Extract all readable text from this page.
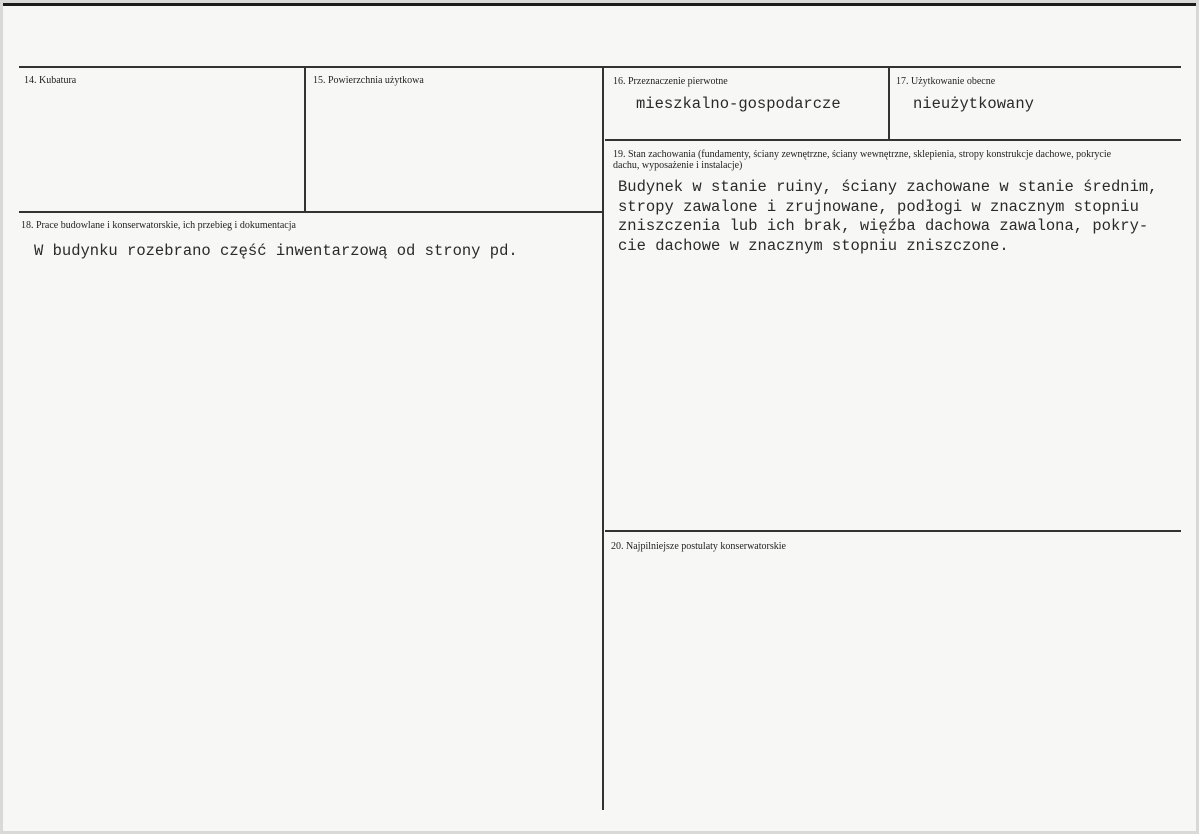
14. Kubatura	15. Powierzchnia użytkowa	16. Przeznaczenie pierwotne
mieszkalno-gospodarcze
17. Użytkowanie obecne
nieużytkowany
18. Prace budowlane i konserwatorskie, ich przebieg i dokumentacja
W budynku rozebrano część inwentarzową od strony pd.
19. Stan zachowania (fundamenty, ściany zewnętrzne, ściany wewnętrzne, sklepienia, stropy konstrukcje dachowe, pokrycie dachu, wyposażenie i instalacje)
Budynek w stanie ruiny, ściany zachowane w stanie średnim,
stropy zawalone i zrujnowane, podłogi w znacznym stopniu
zniszczenia lub ich brak, więźba dachowa zawalona, pokry-
cie dachowe w znacznym stopniu zniszczone.
20. Najpilniejsze postulaty konserwatorskie
